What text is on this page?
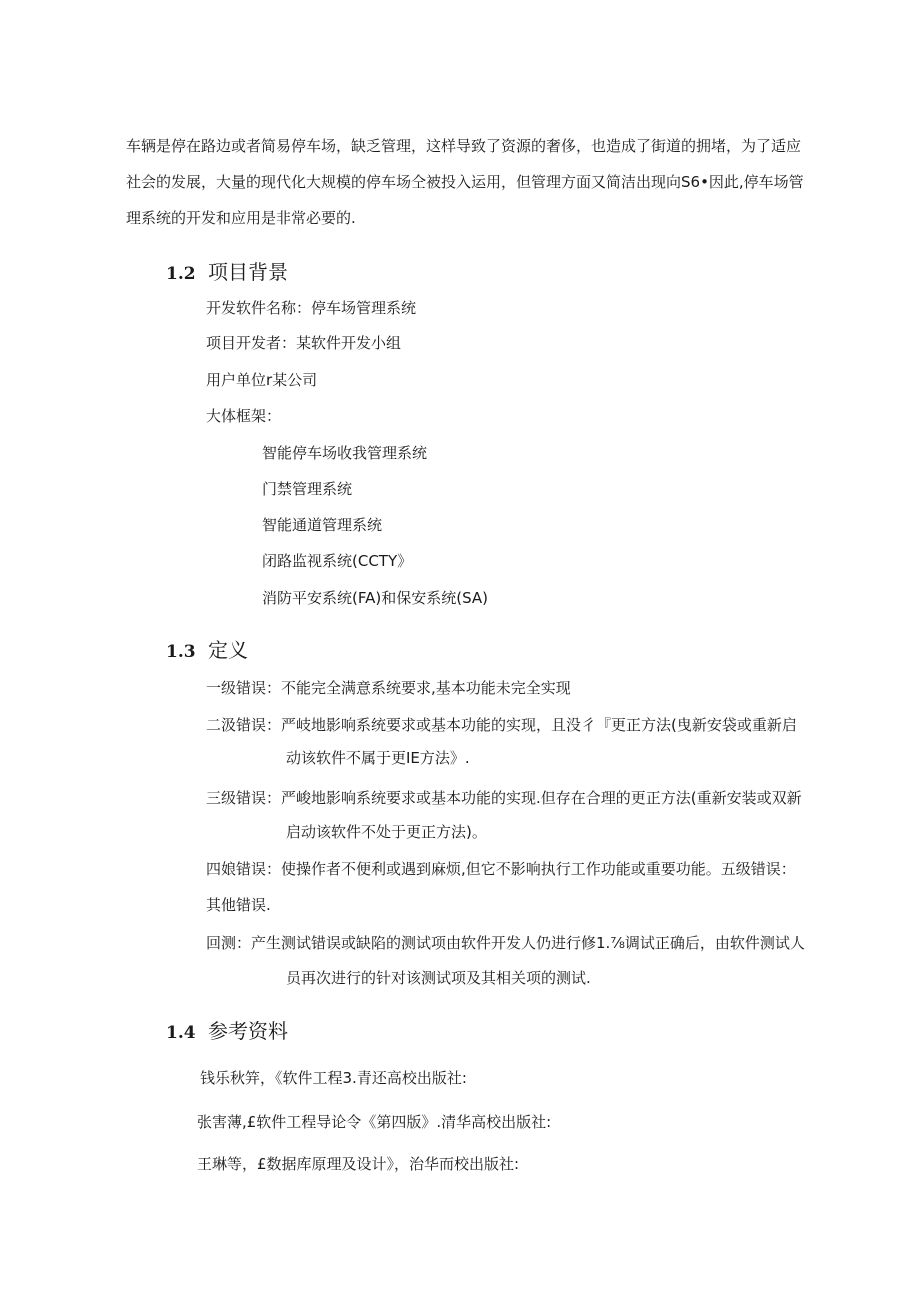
车辆是停在路边或者简易停车场，缺乏管理，这样导致了资源的奢侈，也造成了街道的拥堵，为了适应
社会的发展，大量的现代化大规模的停车场仝被投入运用，但管理方面又简洁出现向S6•因此,停车场管
理系统的开发和应用是非常必要的.
1.2 项目背景
开发软件名称：停车场管理系统
项目开发者：某软件开发小组
用户单位r某公司
大体框架：
智能停车场收我管理系统
门禁管理系统
智能通道管理系统
闭路监视系统(CCTY》
消防平安系统(FA)和保安系统(SA)
1.3 定义
一级错误：不能完全满意系统要求,基本功能未完全实现
二汲错误：严岐地影响系统要求或基本功能的实现，且没彳『更正方法(曳新安袋或重新启
动该软件不属于更IE方法》.
三级错误：严峻地影响系统要求或基本功能的实现.但存在合理的更正方法(重新安装或双新
启动该软件不处于更正方法)。
四娘错误：使操作者不便利或遇到麻烦,但它不影响执行工作功能或重要功能。五级错误：
其他错误.
回测：产生测试错误或缺陷的测试项由软件开发人仍进行修1.⅞调试正确后，由软件测试人
员再次进行的针对该测试项及其相关项的测试.
1.4 参考资料
钱乐秋笄，《软件工程3.青还高校出版社:
张害薄,£软件工程导论令《第四版》.清华高校出版社:
王琳等，£数据库原理及设计》，治华而校出版社:
